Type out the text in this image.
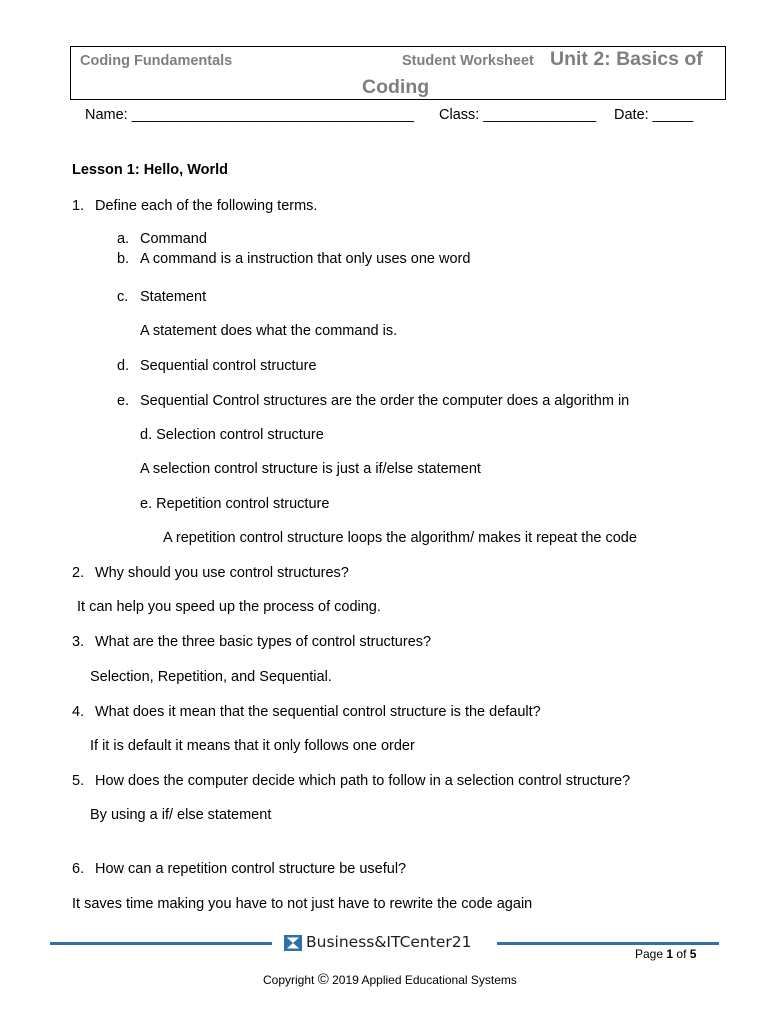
Coding Fundamentals	Student Worksheet Unit 2: Basics of
Coding
Name: ___________________________________ Class: ______________ Date: _____
Lesson 1: Hello, World
1. Define each of the following terms.
a. Command
b. A command is a instruction that only uses one word
c. Statement
A statement does what the command is.
d. Sequential control structure
e. Sequential Control structures are the order the computer does a algorithm in
d. Selection control structure
A selection control structure is just a if/else statement
e. Repetition control structure
A repetition control structure loops the algorithm/ makes it repeat the code
2. Why should you use control structures?
It can help you speed up the process of coding.
3. What are the three basic types of control structures?
Selection, Repetition, and Sequential.
4. What does it mean that the sequential control structure is the default?
If it is default it means that it only follows one order
5. How does the computer decide which path to follow in a selection control structure?
By using a if/ else statement
6. How can a repetition control structure be useful?
It saves time making you have to not just have to rewrite the code again
Business&ITCenter21
Page 1 of 5
Copyright © 2019 Applied Educational Systems
